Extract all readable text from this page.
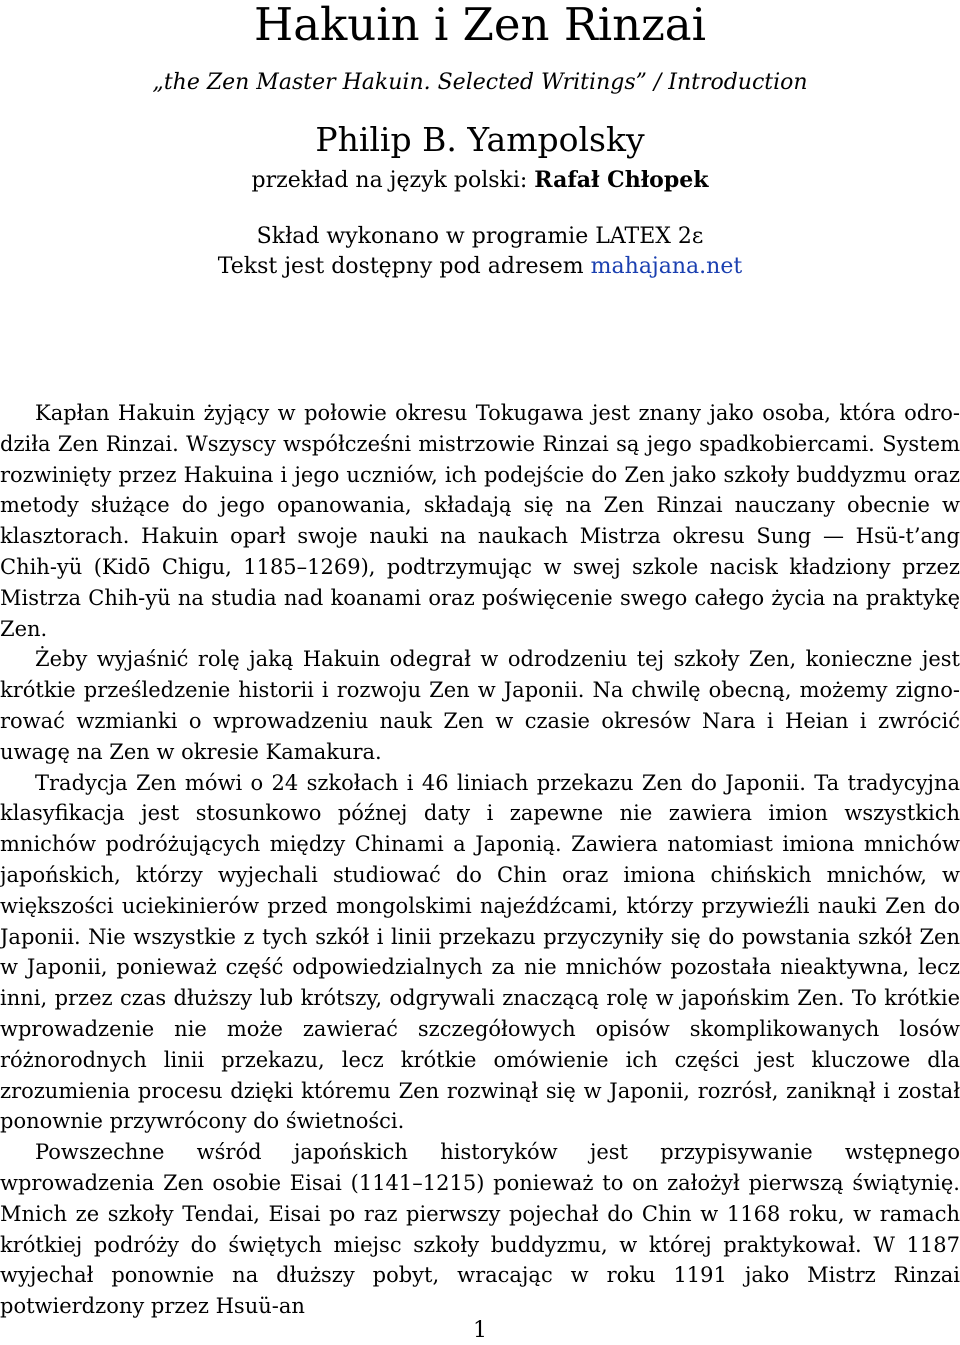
Hakuin i Zen Rinzai
„the Zen Master Hakuin. Selected Writings” / Introduction
Philip B. Yampolsky
przekład na język polski: Rafał Chłopek
Skład wykonano w programie LATEX 2ε
Tekst jest dostępny pod adresem mahajana.net

Kapłan Hakuin żyjący w połowie okresu Tokugawa jest znany jako osoba, która odrodziła Zen Rinzai. Wszyscy współcześni mistrzowie Rinzai są jego spadkobiercami. System rozwinięty przez Hakuina i jego uczniów, ich podejście do Zen jako szkoły buddyzmu oraz metody służące do jego opanowania, składają się na Zen Rinzai nauczany obecnie w klasztorach. Hakuin oparł swoje nauki na naukach Mistrza okresu Sung — Hsü-t’ang Chih-yü (Kidō Chigu, 1185–1269), podtrzymując w swej szkole nacisk kładziony przez Mistrza Chih-yü na studia nad koanami oraz poświęcenie swego całego życia na praktykę Zen.

Żeby wyjaśnić rolę jaką Hakuin odegrał w odrodzeniu tej szkoły Zen, konieczne jest krótkie prześledzenie historii i rozwoju Zen w Japonii. Na chwilę obecną, możemy zignorować wzmianki o wprowadzeniu nauk Zen w czasie okresów Nara i Heian i zwrócić uwagę na Zen w okresie Kamakura.

Tradycja Zen mówi o 24 szkołach i 46 liniach przekazu Zen do Japonii. Ta tradycyjna klasyfikacja jest stosunkowo późnej daty i zapewne nie zawiera imion wszystkich mnichów podróżujących między Chinami a Japonią. Zawiera natomiast imiona mnichów japońskich, którzy wyjechali studiować do Chin oraz imiona chińskich mnichów, w większości uciekinierów przed mongolskimi najeźdźcami, którzy przywieźli nauki Zen do Japonii. Nie wszystkie z tych szkół i linii przekazu przyczyniły się do powstania szkół Zen w Japonii, ponieważ część odpowiedzialnych za nie mnichów pozostała nieaktywna, lecz inni, przez czas dłuższy lub krótszy, odgrywali znaczącą rolę w japońskim Zen. To krótkie wprowadzenie nie może zawierać szczegółowych opisów skomplikowanych losów różnorodnych linii przekazu, lecz krótkie omówienie ich części jest kluczowe dla zrozumienia procesu dzięki któremu Zen rozwinął się w Japonii, rozrósł, zaniknął i został ponownie przywrócony do świetności.

Powszechne wśród japońskich historyków jest przypisywanie wstępnego wprowadzenia Zen osobie Eisai (1141–1215) ponieważ to on założył pierwszą świątynię. Mnich ze szkoły Tendai, Eisai po raz pierwszy pojechał do Chin w 1168 roku, w ramach krótkiej podróży do świętych miejsc szkoły buddyzmu, w której praktykował. W 1187 wyjechał ponownie na dłuższy pobyt, wracając w roku 1191 jako Mistrz Rinzai potwierdzony przez Hsuü-an

1
